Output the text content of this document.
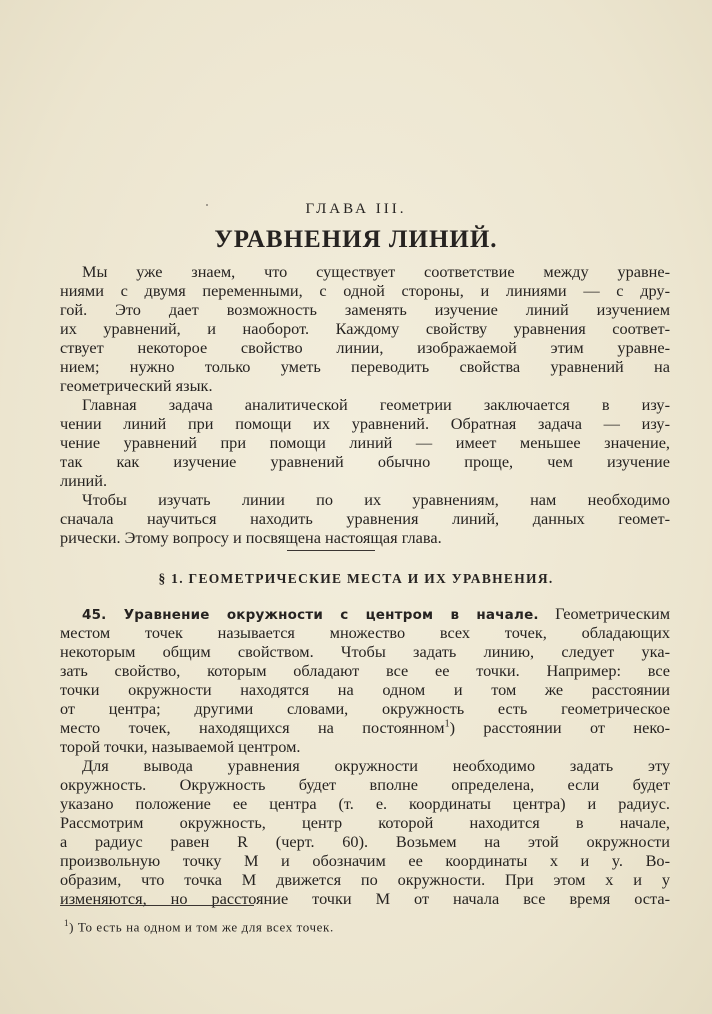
ГЛАВА III.
УРАВНЕНИЯ ЛИНИЙ.
Мы уже знаем, что существует соответствие между уравне-
ниями с двумя переменными, с одной стороны, и линиями — с дру-
гой. Это дает возможность заменять изучение линий изучением
их уравнений, и наоборот. Каждому свойству уравнения соответ-
ствует некоторое свойство линии, изображаемой этим уравне-
нием; нужно только уметь переводить свойства уравнений на
геометрический язык.
Главная задача аналитической геометрии заключается в изу-
чении линий при помощи их уравнений. Обратная задача — изу-
чение уравнений при помощи линий — имеет меньшее значение,
так как изучение уравнений обычно проще, чем изучение
линий.
Чтобы изучать линии по их уравнениям, нам необходимо
сначала научиться находить уравнения линий, данных геомет-
рически. Этому вопросу и посвящена настоящая глава.
§ 1. ГЕОМЕТРИЧЕСКИЕ МЕСТА И ИХ УРАВНЕНИЯ.
45. Уравнение окружности с центром в начале. Геометрическим
местом точек называется множество всех точек, обладающих
некоторым общим свойством. Чтобы задать линию, следует ука-
зать свойство, которым обладают все ее точки. Например: все
точки окружности находятся на одном и том же расстоянии
от центра; другими словами, окружность есть геометрическое
место точек, находящихся на постоянном$^1$) расстоянии от неко-
торой точки, называемой центром.
Для вывода уравнения окружности необходимо задать эту
окружность. Окружность будет вполне определена, если будет
указано положение ее центра (т. е. координаты центра) и радиус.
Рассмотрим окружность, центр которой находится в начале,
а радиус равен R (черт. 60). Возьмем на этой окружности
произвольную точку M и обозначим ее координаты x и y. Во-
образим, что точка M движется по окружности. При этом x и y
изменяются, но расстояние точки M от начала все время оста-
$^1$) То есть на одном и том же для всех точек.
